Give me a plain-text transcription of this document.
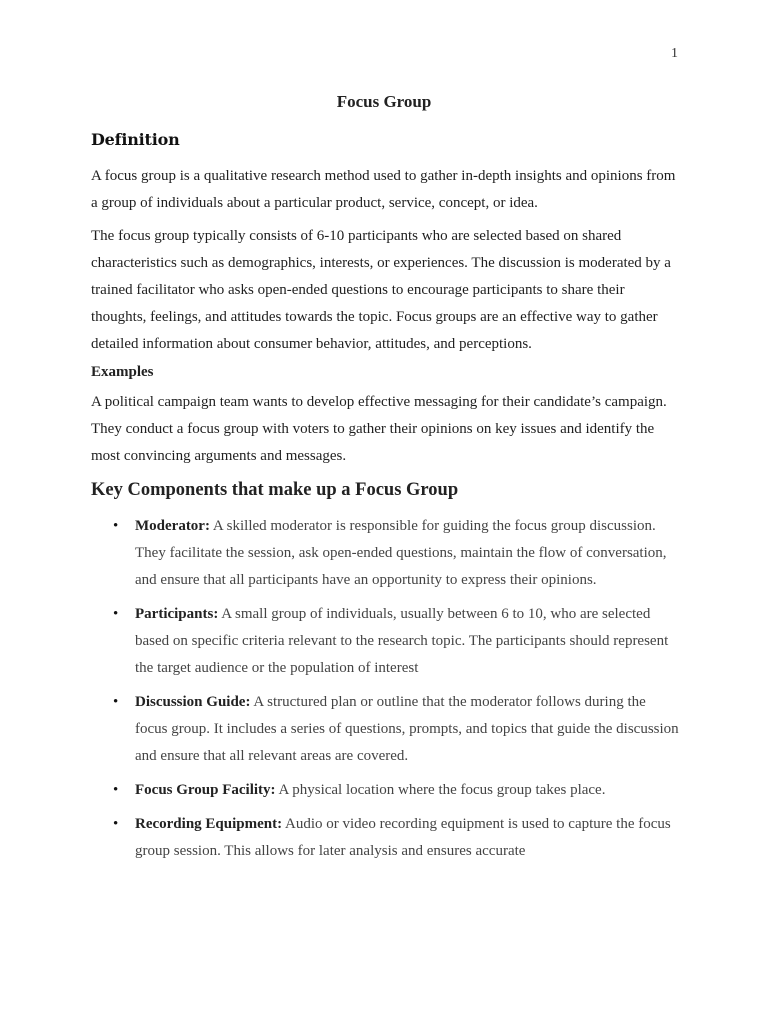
1
Focus Group
Definition

A focus group is a qualitative research method used to gather in-depth insights and opinions from a group of individuals about a particular product, service, concept, or idea.

The focus group typically consists of 6-10 participants who are selected based on shared characteristics such as demographics, interests, or experiences. The discussion is moderated by a trained facilitator who asks open-ended questions to encourage participants to share their thoughts, feelings, and attitudes towards the topic. Focus groups are an effective way to gather detailed information about consumer behavior, attitudes, and perceptions.

Examples

A political campaign team wants to develop effective messaging for their candidate’s campaign. They conduct a focus group with voters to gather their opinions on key issues and identify the most convincing arguments and messages.

Key Components that make up a Focus Group
• Moderator: A skilled moderator is responsible for guiding the focus group discussion. They facilitate the session, ask open-ended questions, maintain the flow of conversation, and ensure that all participants have an opportunity to express their opinions.
• Participants: A small group of individuals, usually between 6 to 10, who are selected based on specific criteria relevant to the research topic. The participants should represent the target audience or the population of interest
• Discussion Guide: A structured plan or outline that the moderator follows during the focus group. It includes a series of questions, prompts, and topics that guide the discussion and ensure that all relevant areas are covered.
• Focus Group Facility: A physical location where the focus group takes place.
• Recording Equipment: Audio or video recording equipment is used to capture the focus group session. This allows for later analysis and ensures accurate
